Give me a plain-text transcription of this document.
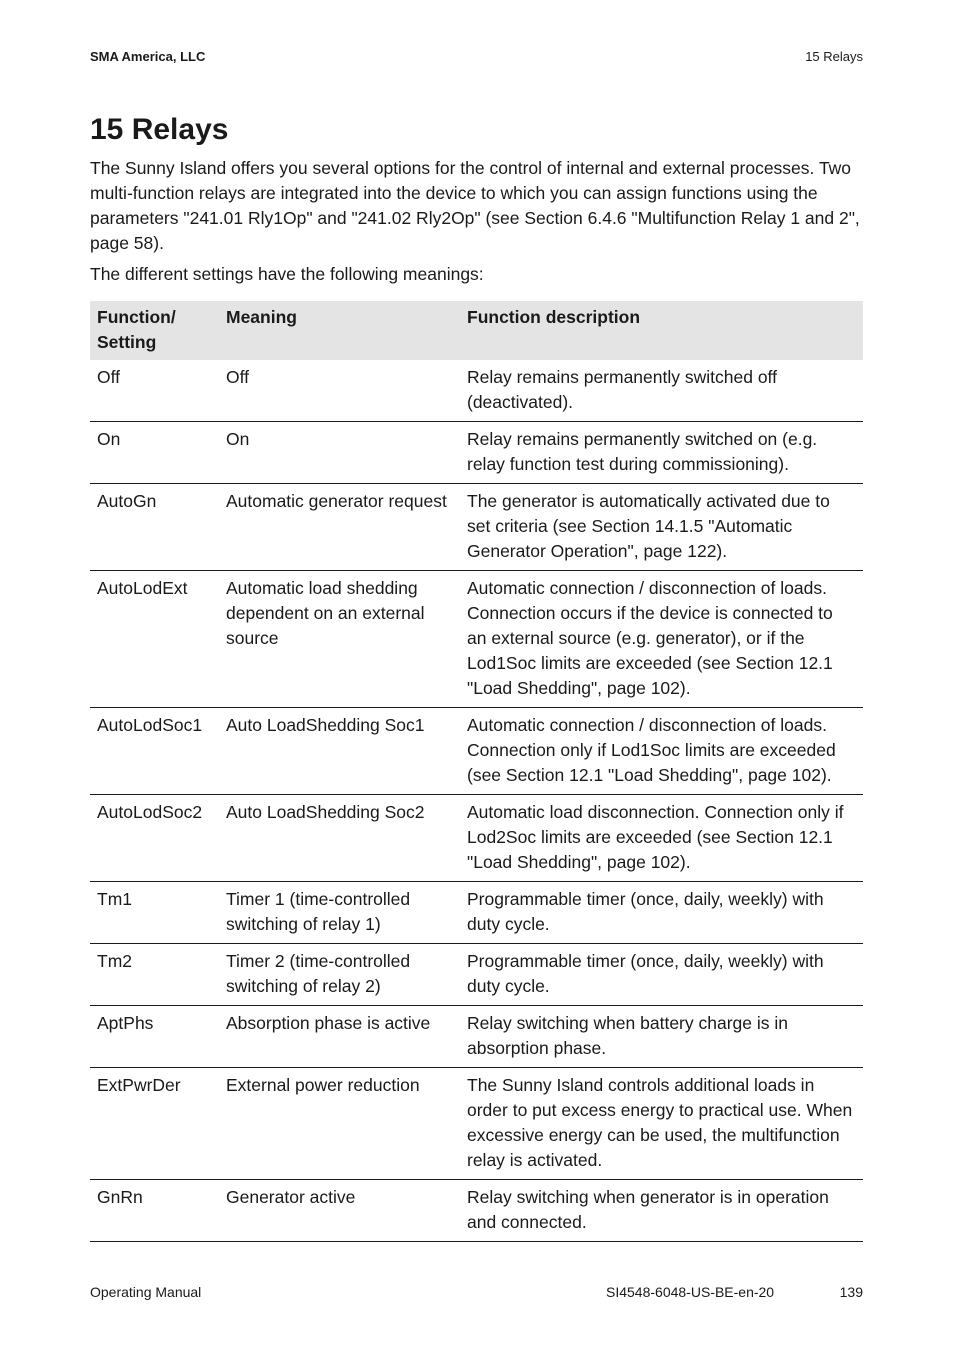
SMA America, LLC	15 Relays
15 Relays

The Sunny Island offers you several options for the control of internal and external processes. Two multi-function relays are integrated into the device to which you can assign functions using the parameters "241.01 Rly1Op" and "241.02 Rly2Op" (see Section 6.4.6 "Multifunction Relay 1 and 2", page 58).

The different settings have the following meanings:

Function/ Setting	Meaning	Function description
Off	Off	Relay remains permanently switched off (deactivated).
On	On	Relay remains permanently switched on (e.g. relay function test during commissioning).
AutoGn	Automatic generator request	The generator is automatically activated due to set criteria (see Section 14.1.5 "Automatic Generator Operation", page 122).
AutoLodExt	Automatic load shedding dependent on an external source	Automatic connection / disconnection of loads. Connection occurs if the device is connected to an external source (e.g. generator), or if the Lod1Soc limits are exceeded (see Section 12.1 "Load Shedding", page 102).
AutoLodSoc1	Auto LoadShedding Soc1	Automatic connection / disconnection of loads. Connection only if Lod1Soc limits are exceeded (see Section 12.1 "Load Shedding", page 102).
AutoLodSoc2	Auto LoadShedding Soc2	Automatic load disconnection. Connection only if Lod2Soc limits are exceeded (see Section 12.1 "Load Shedding", page 102).
Tm1	Timer 1 (time-controlled switching of relay 1)	Programmable timer (once, daily, weekly) with duty cycle.
Tm2	Timer 2 (time-controlled switching of relay 2)	Programmable timer (once, daily, weekly) with duty cycle.
AptPhs	Absorption phase is active	Relay switching when battery charge is in absorption phase.
ExtPwrDer	External power reduction	The Sunny Island controls additional loads in order to put excess energy to practical use. When excessive energy can be used, the multifunction relay is activated.
GnRn	Generator active	Relay switching when generator is in operation and connected.
Operating Manual	SI4548-6048-US-BE-en-20	139
